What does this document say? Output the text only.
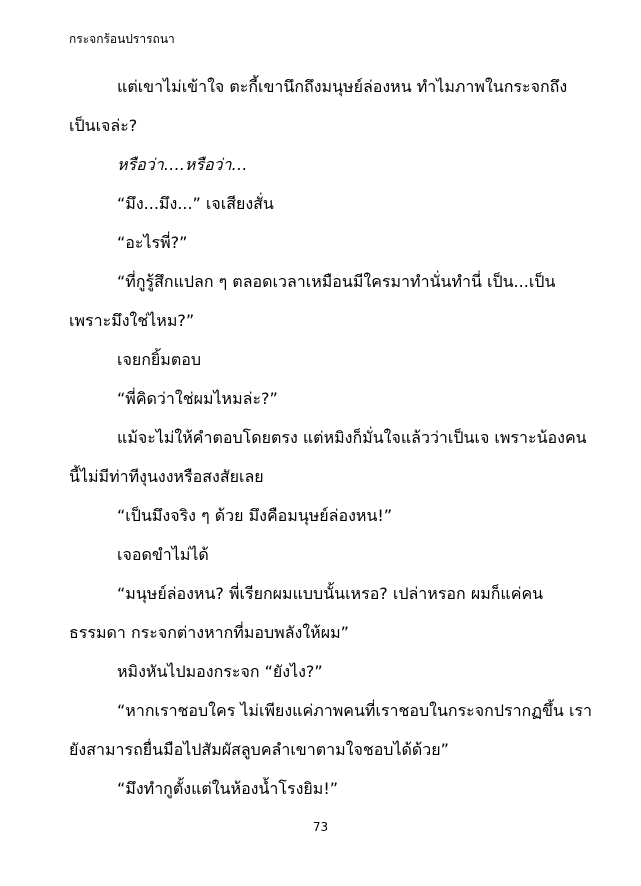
กระจกร้อนปรารถนา

แต่เขาไม่เข้าใจ ตะกี้เขานึกถึงมนุษย์ล่องหน ทำไมภาพในกระจกถึง
เป็นเจล่ะ?

หรือว่า….หรือว่า…

“มึง...มึง...” เจเสียงสั่น

“อะไรพี่?”

“ที่กูรู้สึกแปลก ๆ ตลอดเวลาเหมือนมีใครมาทำนั่นทำนี่ เป็น...เป็น
เพราะมึงใช่ไหม?”

เจยกยิ้มตอบ

“พี่คิดว่าใช่ผมไหมล่ะ?”

แม้จะไม่ให้คำตอบโดยตรง แต่หมิงก็มั่นใจแล้วว่าเป็นเจ เพราะน้องคน
นี้ไม่มีท่าทีงุนงงหรือสงสัยเลย

“เป็นมึงจริง ๆ ด้วย มึงคือมนุษย์ล่องหน!”

เจอดขำไม่ได้

“มนุษย์ล่องหน? พี่เรียกผมแบบนั้นเหรอ? เปล่าหรอก ผมก็แค่คน
ธรรมดา กระจกต่างหากที่มอบพลังให้ผม”

หมิงหันไปมองกระจก “ยังไง?”

“หากเราชอบใคร ไม่เพียงแค่ภาพคนที่เราชอบในกระจกปรากฏขึ้น เรา
ยังสามารถยื่นมือไปสัมผัสลูบคลำเขาตามใจชอบได้ด้วย”

“มึงทำกูตั้งแต่ในห้องน้ำโรงยิม!”

73
